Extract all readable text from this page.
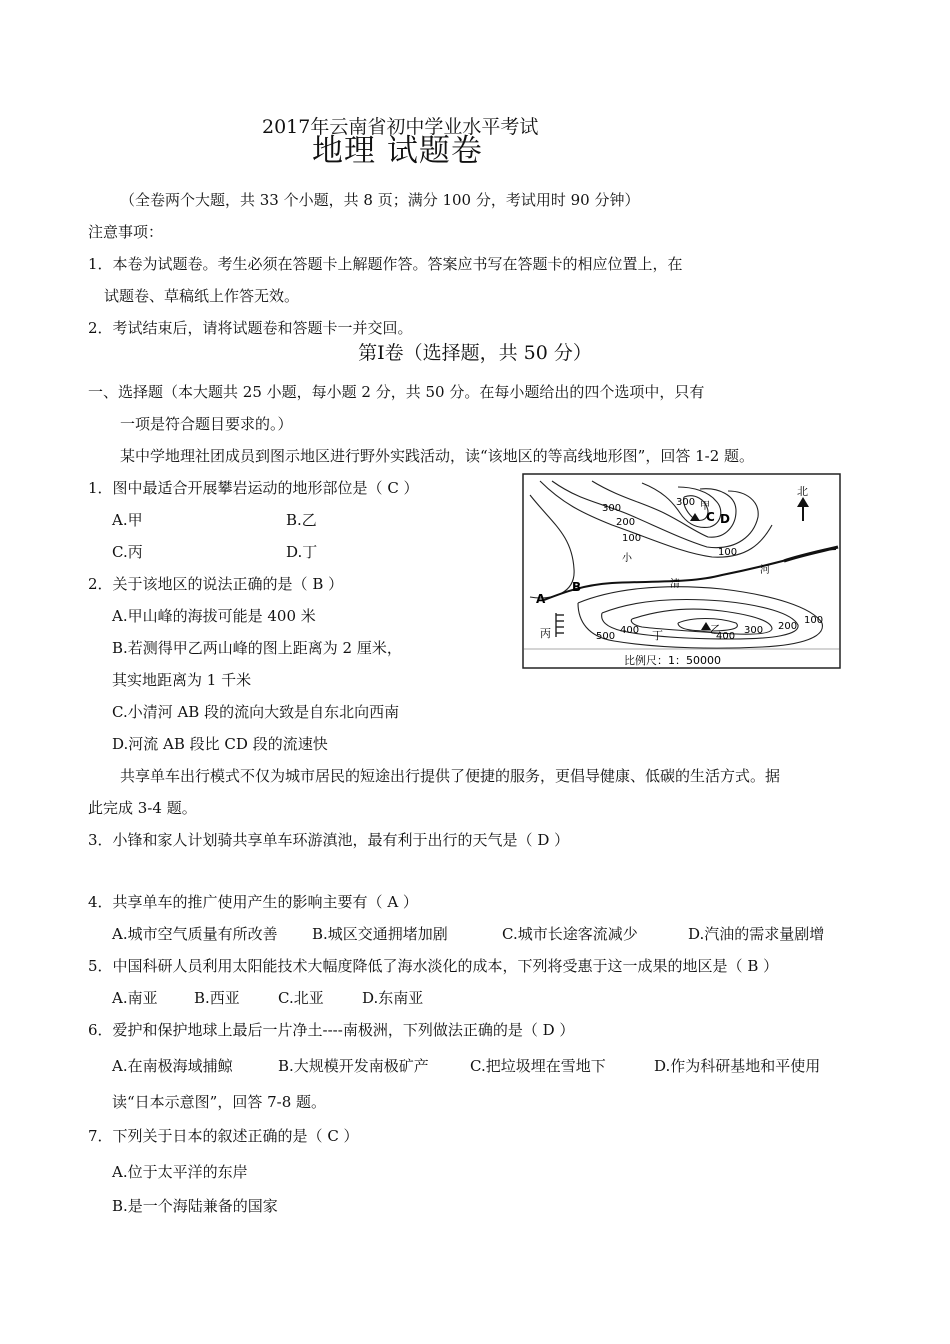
2017年云南省初中学业水平考试
地理 试题卷
（全卷两个大题，共 33 个小题，共 8 页；满分 100 分，考试用时 90 分钟）
注意事项：
1．本卷为试题卷。考生必须在答题卡上解题作答。答案应书写在答题卡的相应位置上，在
试题卷、草稿纸上作答无效。
2．考试结束后，请将试题卷和答题卡一并交回。
第Ⅰ卷（选择题，共 50 分）
一、选择题（本大题共 25 小题，每小题 2 分，共 50 分。在每小题给出的四个选项中，只有
一项是符合题目要求的。）
某中学地理社团成员到图示地区进行野外实践活动，读“该地区的等高线地形图”，回答 1-2 题。
1．图中最适合开展攀岩运动的地形部位是（ C ）
A.甲	B.乙
C.丙	D.丁
2．关于该地区的说法正确的是（ B ）
A.甲山峰的海拔可能是 400 米
B.若测得甲乙两山峰的图上距离为 2 厘米，
其实地距离为 1 千米
C.小清河 AB 段的流向大致是自东北向西南
D.河流 AB 段比 CD 段的流速快
北
甲
乙
丙	丁
小
清
河
A
B
C D
300
200
300
100
100
500
400
400
300 200
100
比例尺：1：50000
共享单车出行模式不仅为城市居民的短途出行提供了便捷的服务，更倡导健康、低碳的生活方式。据
此完成 3-4 题。
3．小锋和家人计划骑共享单车环游滇池，最有利于出行的天气是（ D ）
4．共享单车的推广使用产生的影响主要有（ A ）
A.城市空气质量有所改善 B.城区交通拥堵加剧	C.城市长途客流减少	D.汽油的需求量剧增
5．中国科研人员利用太阳能技术大幅度降低了海水淡化的成本，下列将受惠于这一成果的地区是（ B ）
A.南亚 B.西亚	C.北亚	D.东南亚
6．爱护和保护地球上最后一片净土----南极洲，下列做法正确的是（ D ）
A.在南极海域捕鲸	B.大规模开发南极矿产	C.把垃圾埋在雪地下	D.作为科研基地和平使用
读“日本示意图”，回答 7-8 题。
7．下列关于日本的叙述正确的是（ C ）
A.位于太平洋的东岸
B.是一个海陆兼备的国家
